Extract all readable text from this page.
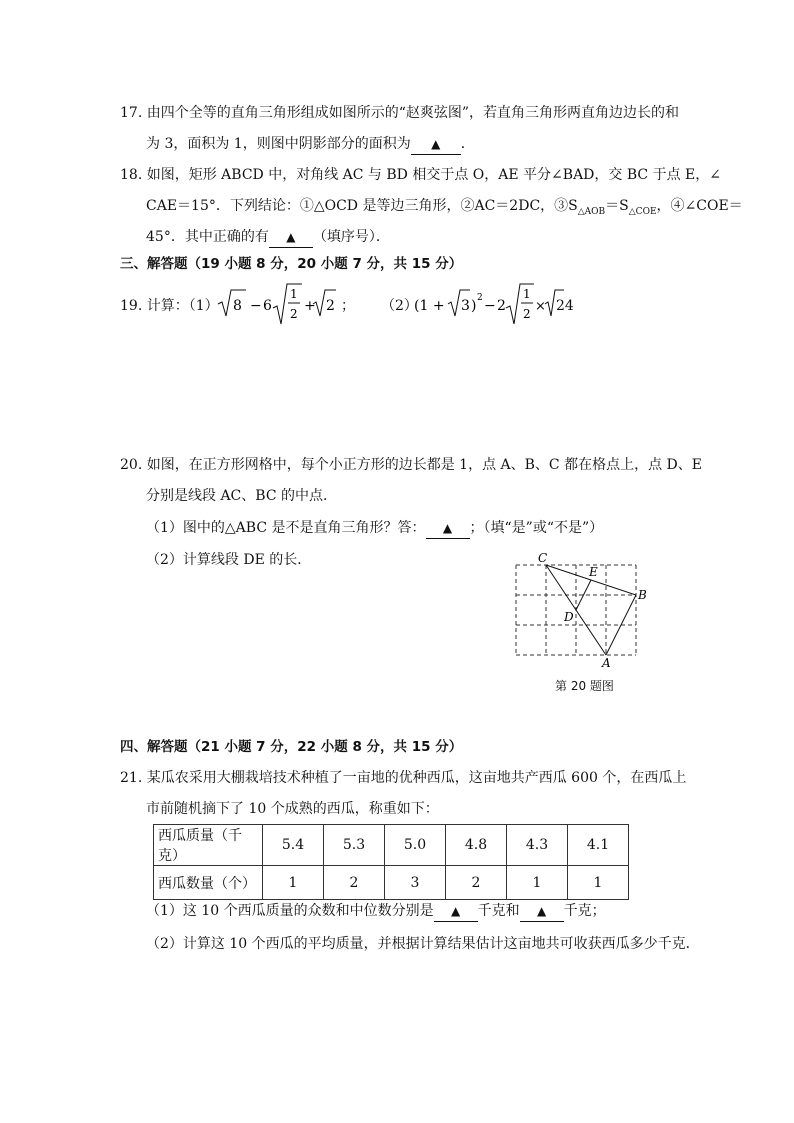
17. 由四个全等的直角三角形组成如图所示的“赵爽弦图”，若直角三角形两直角边边长的和
为 3，面积为 1，则图中阴影部分的面积为 ▲ ．
18. 如图，矩形 ABCD 中，对角线 AC 与 BD 相交于点 O，AE 平分∠BAD，交 BC 于点 E，∠
CAE＝15°．下列结论：①△OCD 是等边三角形，②AC＝2DC，$③S_{\triangle AOB}=S_{\triangle COE}$，④∠COE＝
45°．其中正确的有 ▲ （填序号）．
三、解答题（19 小题 8 分，20 小题 7 分，共 15 分）
19. 计算：（1） 8 − 6
1
2 + 2 ； （2）
(1 + 3 ) 2 − 2
1
2 × 24
20. 如图，在正方形网格中，每个小正方形的边长都是 1，点 A、B、C 都在格点上，点 D、E
分别是线段 AC、BC 的中点．
（1）图中的△ABC 是不是直角三角形？答： ▲ ；（填“是”或“不是”）
（2）计算线段 DE 的长．	C
E
B
D
A
第 20 题图
四、解答题（21 小题 7 分，22 小题 8 分，共 15 分）
21. 某瓜农采用大棚栽培技术种植了一亩地的优种西瓜，这亩地共产西瓜 600 个，在西瓜上
市前随机摘下了 10 个成熟的西瓜，称重如下：
西瓜质量（千克）	5.4	5.3	5.0	4.8	4.3	4.1
西瓜数量（个）	1	2	3	2	1	1
（1）这 10 个西瓜质量的众数和中位数分别是 ▲ 千克和 ▲ 千克；
（2）计算这 10 个西瓜的平均质量，并根据计算结果估计这亩地共可收获西瓜多少千克．
